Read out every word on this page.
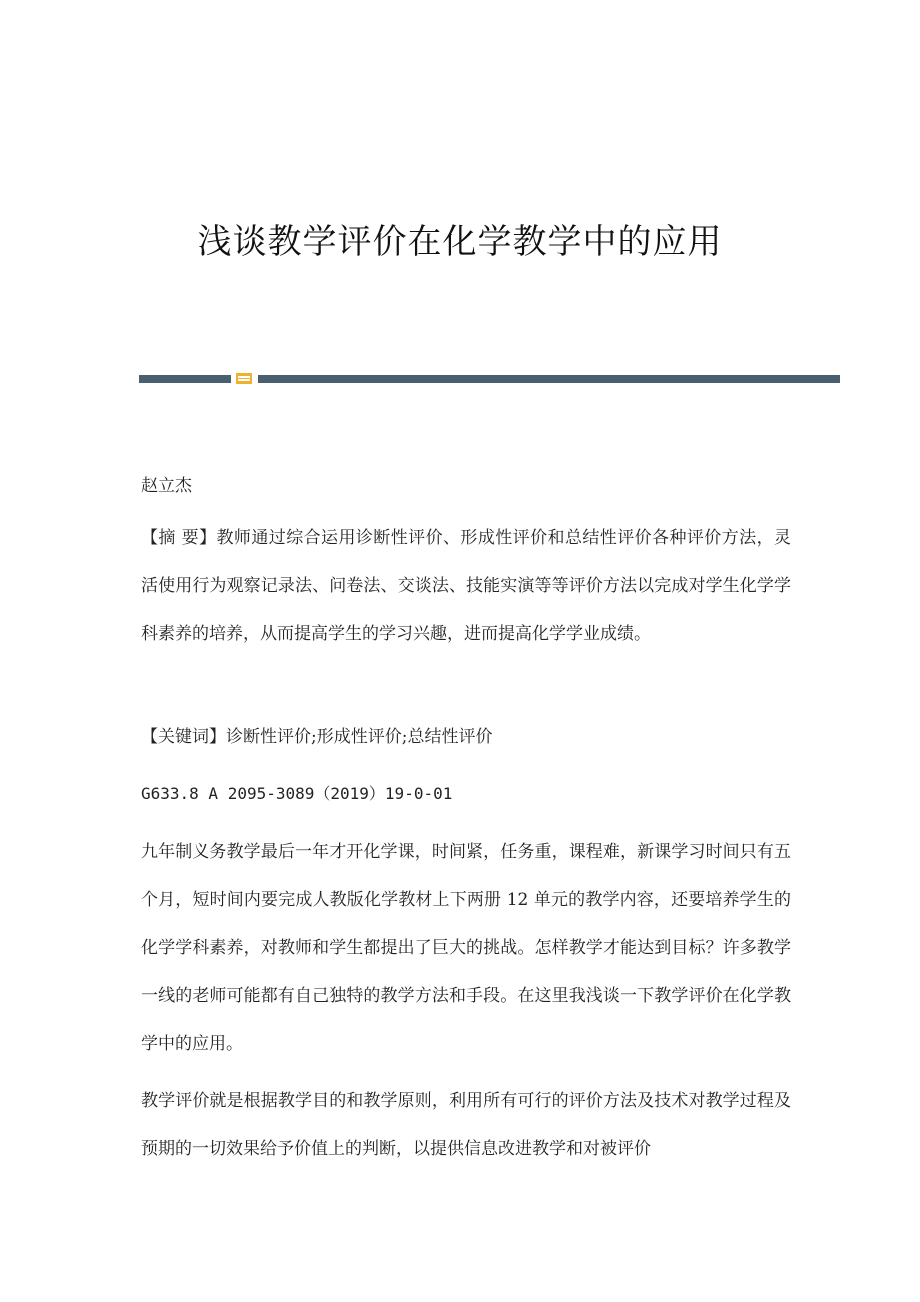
浅谈教学评价在化学教学中的应用

赵立杰

【摘 要】教师通过综合运用诊断性评价、形成性评价和总结性评价各种评价方法，灵活使用行为观察记录法、问卷法、交谈法、技能实演等等评价方法以完成对学生化学学科素养的培养，从而提高学生的学习兴趣，进而提高化学学业成绩。

【关键词】诊断性评价;形成性评价;总结性评价

G633.8 A 2095-3089（2019）19-0-01

九年制义务教学最后一年才开化学课，时间紧，任务重，课程难，新课学习时间只有五个月，短时间内要完成人教版化学教材上下两册 12 单元的教学内容，还要培养学生的化学学科素养，对教师和学生都提出了巨大的挑战。怎样教学才能达到目标？许多教学一线的老师可能都有自己独特的教学方法和手段。在这里我浅谈一下教学评价在化学教学中的应用。

教学评价就是根据教学目的和教学原则，利用所有可行的评价方法及技术对教学过程及预期的一切效果给予价值上的判断，以提供信息改进教学和对被评价
